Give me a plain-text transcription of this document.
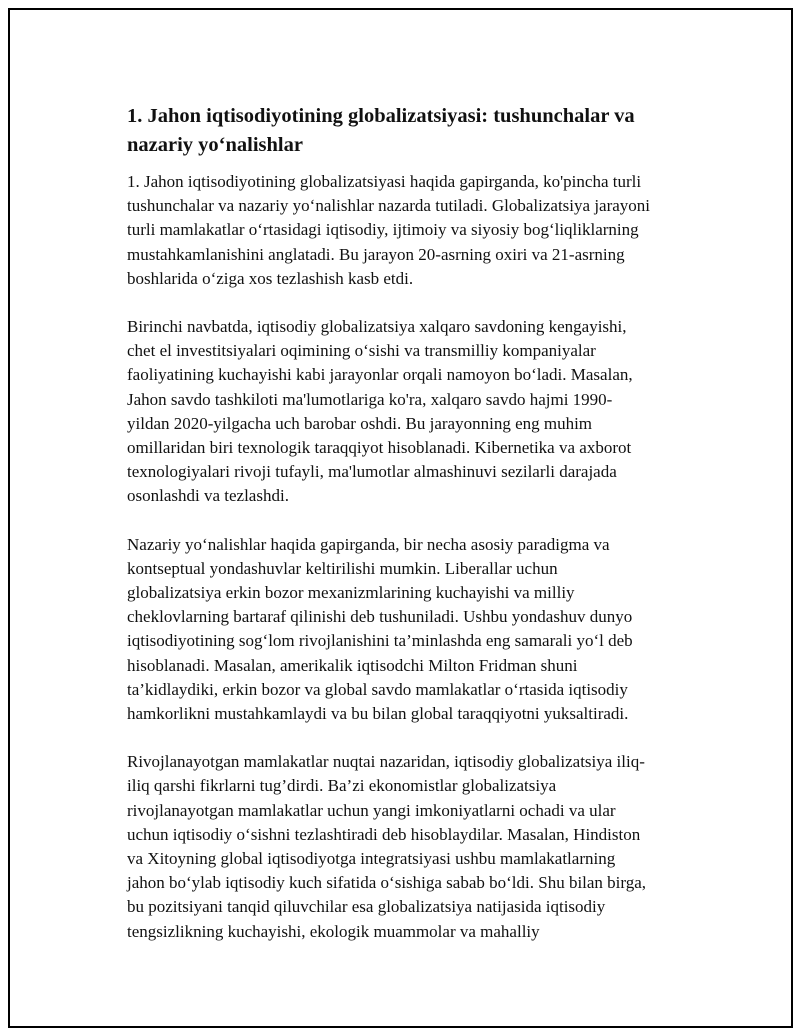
1. Jahon iqtisodiyotining globalizatsiyasi: tushunchalar va
nazariy yo‘nalishlar
1. Jahon iqtisodiyotining globalizatsiyasi haqida gapirganda, ko'pincha turli
tushunchalar va nazariy yo‘nalishlar nazarda tutiladi. Globalizatsiya jarayoni
turli mamlakatlar o‘rtasidagi iqtisodiy, ijtimoiy va siyosiy bog‘liqliklarning
mustahkamlanishini anglatadi. Bu jarayon 20-asrning oxiri va 21-asrning
boshlarida o‘ziga xos tezlashish kasb etdi.
Birinchi navbatda, iqtisodiy globalizatsiya xalqaro savdoning kengayishi,
chet el investitsiyalari oqimining o‘sishi va transmilliy kompaniyalar
faoliyatining kuchayishi kabi jarayonlar orqali namoyon bo‘ladi. Masalan,
Jahon savdo tashkiloti ma'lumotlariga ko'ra, xalqaro savdo hajmi 1990-
yildan 2020-yilgacha uch barobar oshdi. Bu jarayonning eng muhim
omillaridan biri texnologik taraqqiyot hisoblanadi. Kibernetika va axborot
texnologiyalari rivoji tufayli, ma'lumotlar almashinuvi sezilarli darajada
osonlashdi va tezlashdi.
Nazariy yo‘nalishlar haqida gapirganda, bir necha asosiy paradigma va
kontseptual yondashuvlar keltirilishi mumkin. Liberallar uchun
globalizatsiya erkin bozor mexanizmlarining kuchayishi va milliy
cheklovlarning bartaraf qilinishi deb tushuniladi. Ushbu yondashuv dunyo
iqtisodiyotining sog‘lom rivojlanishini ta’minlashda eng samarali yo‘l deb
hisoblanadi. Masalan, amerikalik iqtisodchi Milton Fridman shuni
ta’kidlaydiki, erkin bozor va global savdo mamlakatlar o‘rtasida iqtisodiy
hamkorlikni mustahkamlaydi va bu bilan global taraqqiyotni yuksaltiradi.
Rivojlanayotgan mamlakatlar nuqtai nazaridan, iqtisodiy globalizatsiya iliq-
iliq qarshi fikrlarni tug’dirdi. Ba’zi ekonomistlar globalizatsiya
rivojlanayotgan mamlakatlar uchun yangi imkoniyatlarni ochadi va ular
uchun iqtisodiy o‘sishni tezlashtiradi deb hisoblaydilar. Masalan, Hindiston
va Xitoyning global iqtisodiyotga integratsiyasi ushbu mamlakatlarning
jahon bo‘ylab iqtisodiy kuch sifatida o‘sishiga sabab bo‘ldi. Shu bilan birga,
bu pozitsiyani tanqid qiluvchilar esa globalizatsiya natijasida iqtisodiy
tengsizlikning kuchayishi, ekologik muammolar va mahalliy
